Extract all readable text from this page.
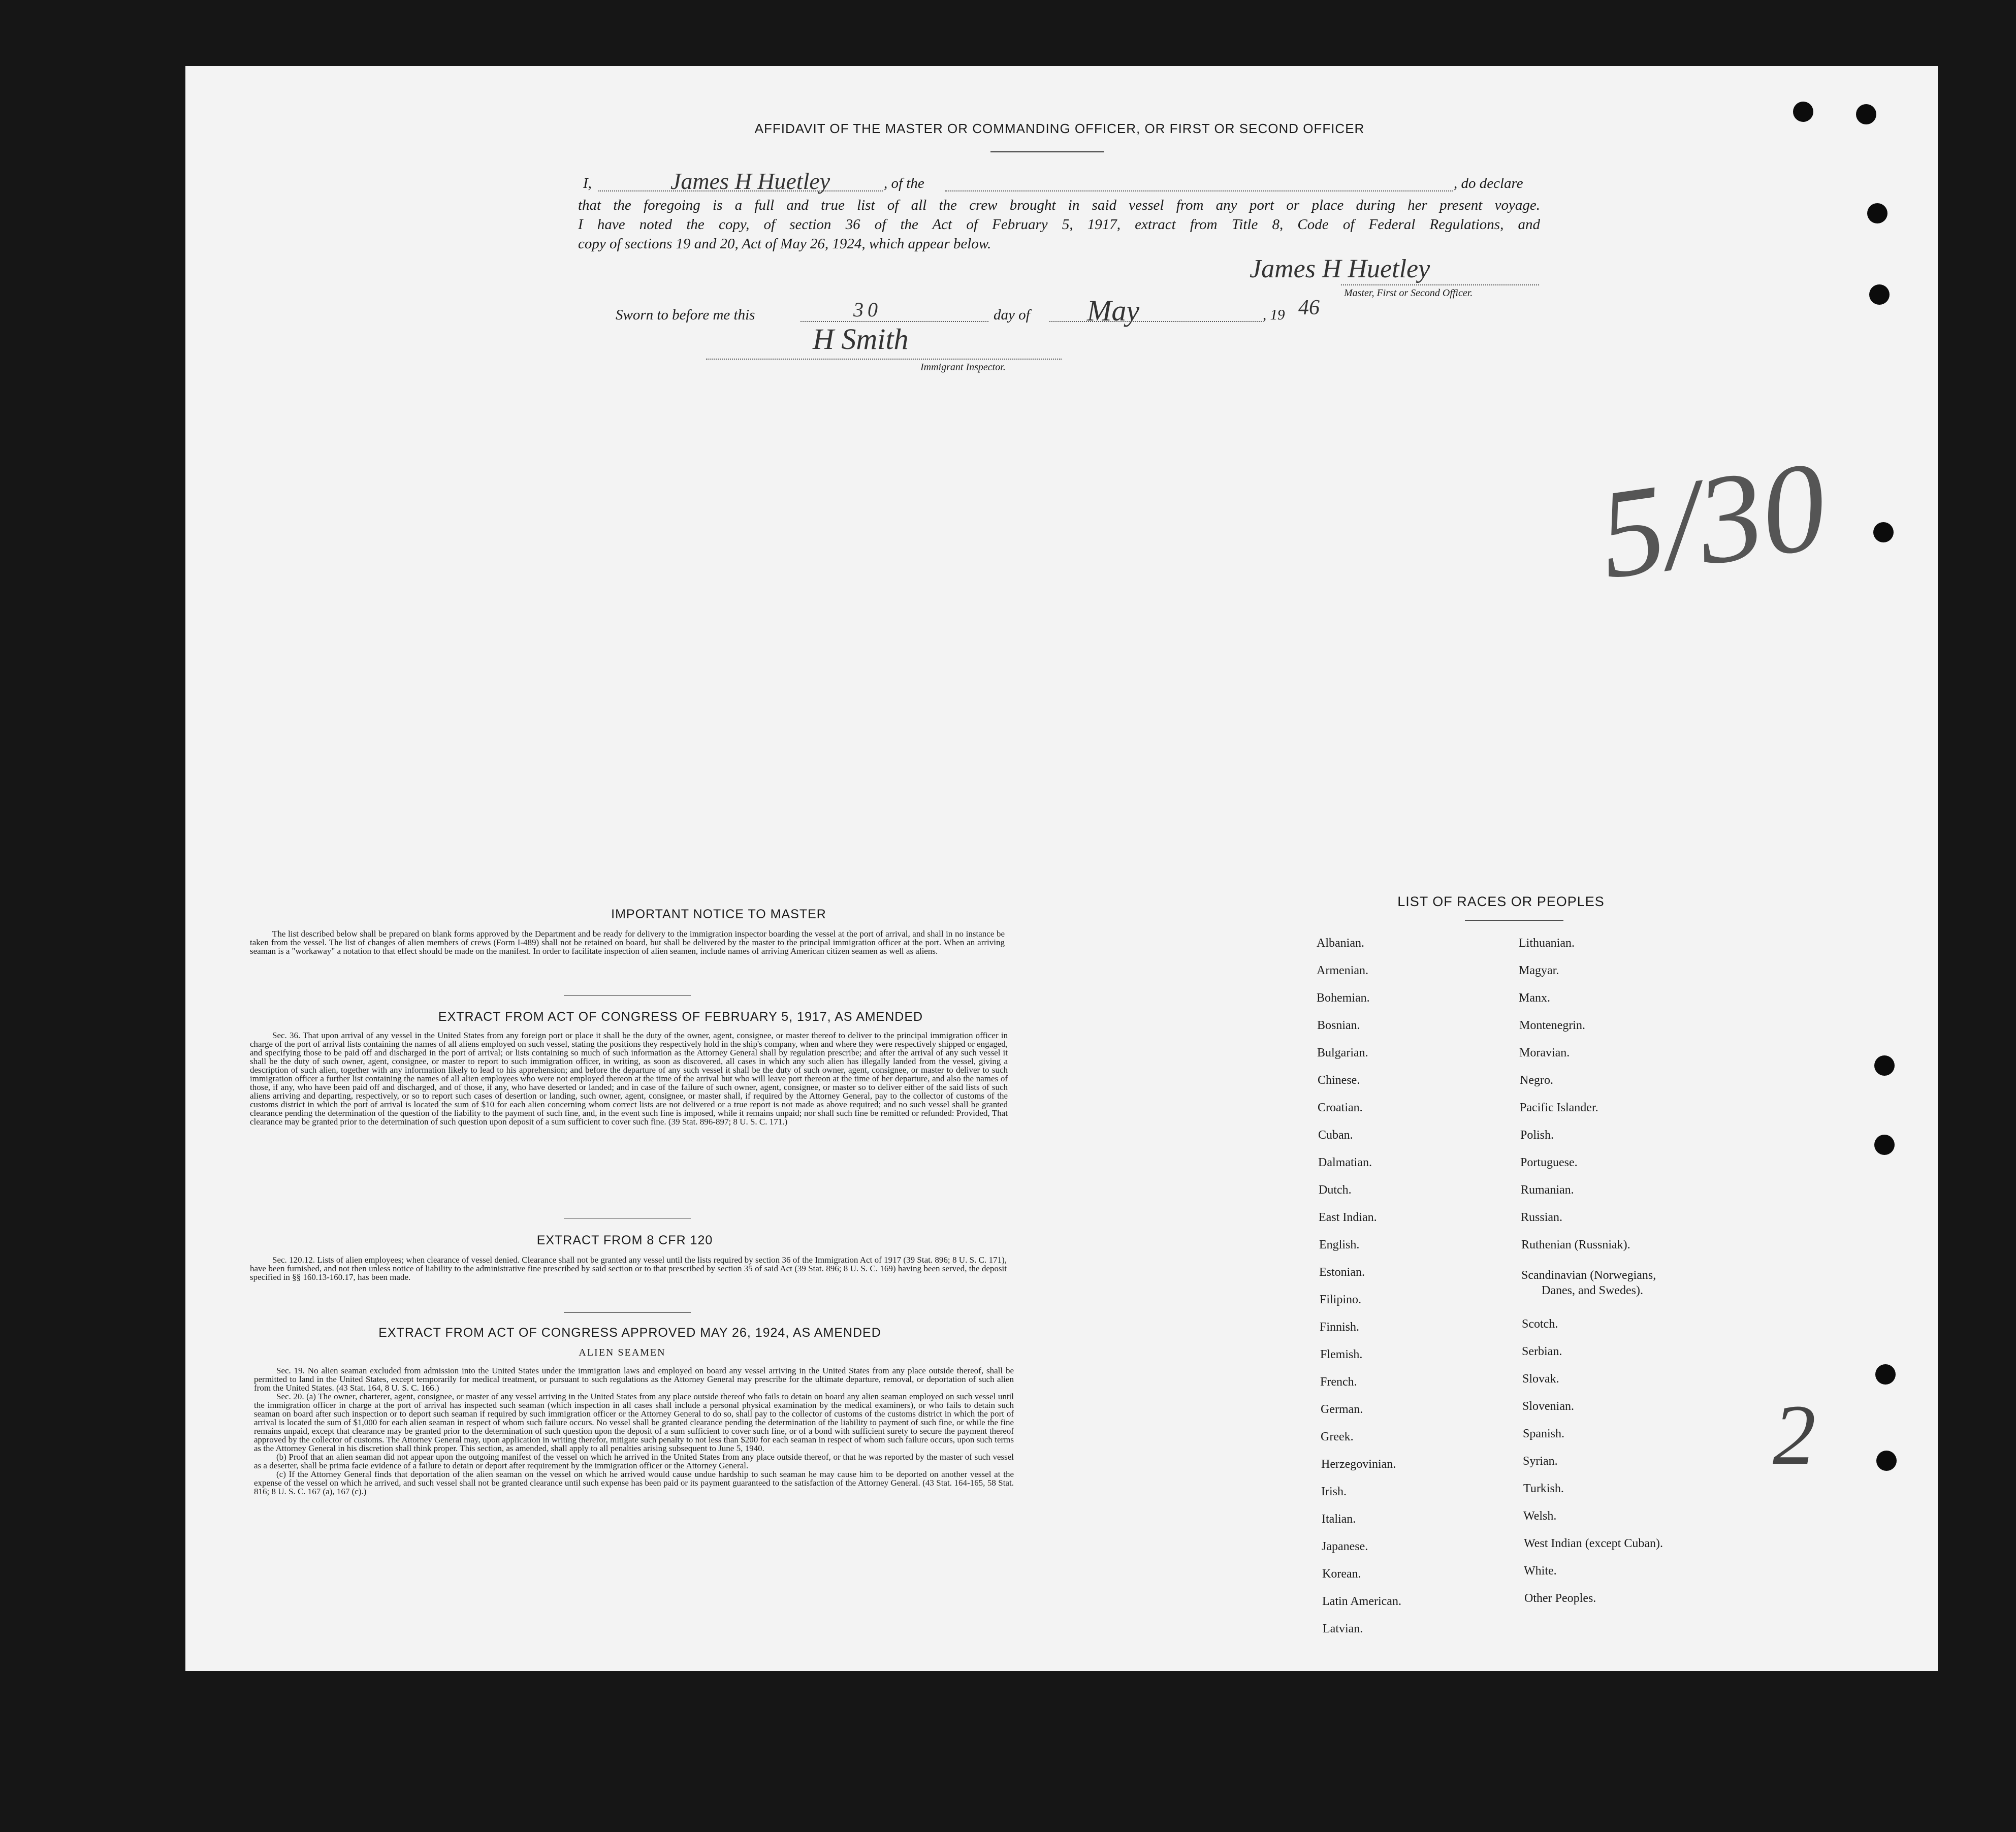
AFFIDAVIT OF THE MASTER OR COMMANDING OFFICER, OR FIRST OR SECOND OFFICER
I,	, of the	, do declare
James H Huetley
that the foregoing is a full and true list of all the crew brought in said vessel from any port or place during her present voyage.
I have noted the copy, of section 36 of the Act of February 5, 1917, extract from Title 8, Code of Federal Regulations, and
copy of sections 19 and 20, Act of May 26, 1924, which appear below.
James H Huetley
Master, First or Second Officer.
Sworn to before me this	30	day of May	, 19 46
H Smith
Immigrant Inspector.
5/30
2
IMPORTANT NOTICE TO MASTER

The list described below shall be prepared on blank forms approved by the Department and be ready for delivery to the immigration inspector boarding the vessel at the port of arrival, and shall in no instance be taken from the vessel. The list of changes of alien members of crews (Form I-489) shall not be retained on board, but shall be delivered by the master to the principal immigration officer at the port. When an arriving seaman is a "workaway" a notation to that effect should be made on the manifest. In order to facilitate inspection of alien seamen, include names of arriving American citizen seamen as well as aliens.

EXTRACT FROM ACT OF CONGRESS OF FEBRUARY 5, 1917, AS AMENDED

Sec. 36. That upon arrival of any vessel in the United States from any foreign port or place it shall be the duty of the owner, agent, consignee, or master thereof to deliver to the principal immigration officer in charge of the port of arrival lists containing the names of all aliens employed on such vessel, stating the positions they respectively hold in the ship's company, when and where they were respectively shipped or engaged, and specifying those to be paid off and discharged in the port of arrival; or lists containing so much of such information as the Attorney General shall by regulation prescribe; and after the arrival of any such vessel it shall be the duty of such owner, agent, consignee, or master to report to such immigration officer, in writing, as soon as discovered, all cases in which any such alien has illegally landed from the vessel, giving a description of such alien, together with any information likely to lead to his apprehension; and before the departure of any such vessel it shall be the duty of such owner, agent, consignee, or master to deliver to such immigration officer a further list containing the names of all alien employees who were not employed thereon at the time of the arrival but who will leave port thereon at the time of her departure, and also the names of those, if any, who have been paid off and discharged, and of those, if any, who have deserted or landed; and in case of the failure of such owner, agent, consignee, or master so to deliver either of the said lists of such aliens arriving and departing, respectively, or so to report such cases of desertion or landing, such owner, agent, consignee, or master shall, if required by the Attorney General, pay to the collector of customs of the customs district in which the port of arrival is located the sum of $10 for each alien concerning whom correct lists are not delivered or a true report is not made as above required; and no such vessel shall be granted clearance pending the determination of the question of the liability to the payment of such fine, and, in the event such fine is imposed, while it remains unpaid; nor shall such fine be remitted or refunded: Provided, That clearance may be granted prior to the determination of such question upon deposit of a sum sufficient to cover such fine. (39 Stat. 896-897; 8 U. S. C. 171.)

EXTRACT FROM 8 CFR 120

Sec. 120.12. Lists of alien employees; when clearance of vessel denied. Clearance shall not be granted any vessel until the lists required by section 36 of the Immigration Act of 1917 (39 Stat. 896; 8 U. S. C. 171), have been furnished, and not then unless notice of liability to the administrative fine prescribed by said section or to that prescribed by section 35 of said Act (39 Stat. 896; 8 U. S. C. 169) having been served, the deposit specified in §§ 160.13-160.17, has been made.

EXTRACT FROM ACT OF CONGRESS APPROVED MAY 26, 1924, AS AMENDED
ALIEN SEAMEN

Sec. 19. No alien seaman excluded from admission into the United States under the immigration laws and employed on board any vessel arriving in the United States from any place outside thereof, shall be permitted to land in the United States, except temporarily for medical treatment, or pursuant to such regulations as the Attorney General may prescribe for the ultimate departure, removal, or deportation of such alien from the United States. (43 Stat. 164, 8 U. S. C. 166.)

Sec. 20. (a) The owner, charterer, agent, consignee, or master of any vessel arriving in the United States from any place outside thereof who fails to detain on board any alien seaman employed on such vessel until the immigration officer in charge at the port of arrival has inspected such seaman (which inspection in all cases shall include a personal physical examination by the medical examiners), or who fails to detain such seaman on board after such inspection or to deport such seaman if required by such immigration officer or the Attorney General to do so, shall pay to the collector of customs of the customs district in which the port of arrival is located the sum of $1,000 for each alien seaman in respect of whom such failure occurs. No vessel shall be granted clearance pending the determination of the liability to payment of such fine, or while the fine remains unpaid, except that clearance may be granted prior to the determination of such question upon the deposit of a sum sufficient to cover such fine, or of a bond with sufficient surety to secure the payment thereof approved by the collector of customs. The Attorney General may, upon application in writing therefor, mitigate such penalty to not less than $200 for each seaman in respect of whom such failure occurs, upon such terms as the Attorney General in his discretion shall think proper. This section, as amended, shall apply to all penalties arising subsequent to June 5, 1940.

(b) Proof that an alien seaman did not appear upon the outgoing manifest of the vessel on which he arrived in the United States from any place outside thereof, or that he was reported by the master of such vessel as a deserter, shall be prima facie evidence of a failure to detain or deport after requirement by the immigration officer or the Attorney General.

(c) If the Attorney General finds that deportation of the alien seaman on the vessel on which he arrived would cause undue hardship to such seaman he may cause him to be deported on another vessel at the expense of the vessel on which he arrived, and such vessel shall not be granted clearance until such expense has been paid or its payment guaranteed to the satisfaction of the Attorney General. (43 Stat. 164-165, 58 Stat. 816; 8 U. S. C. 167 (a), 167 (c).)

LIST OF RACES OR PEOPLES
Albanian.
Armenian.
Bohemian.
Bosnian.
Bulgarian.
Chinese.
Croatian.
Cuban.
Dalmatian.
Dutch.
East Indian.
English.
Estonian.
Filipino.
Finnish.
Flemish.
French.
German.
Greek.
Herzegovinian.
Irish.
Italian.
Japanese.
Korean.
Latin American.
Latvian.
Lithuanian.
Magyar.
Manx.
Montenegrin.
Moravian.
Negro.
Pacific Islander.
Polish.
Portuguese.
Rumanian.
Russian.
Ruthenian (Russniak).
Scandinavian (Norwegians,
Danes, and Swedes).
Scotch.
Serbian.
Slovak.
Slovenian.
Spanish.
Syrian.
Turkish.
Welsh.
West Indian (except Cuban).
White.
Other Peoples.
